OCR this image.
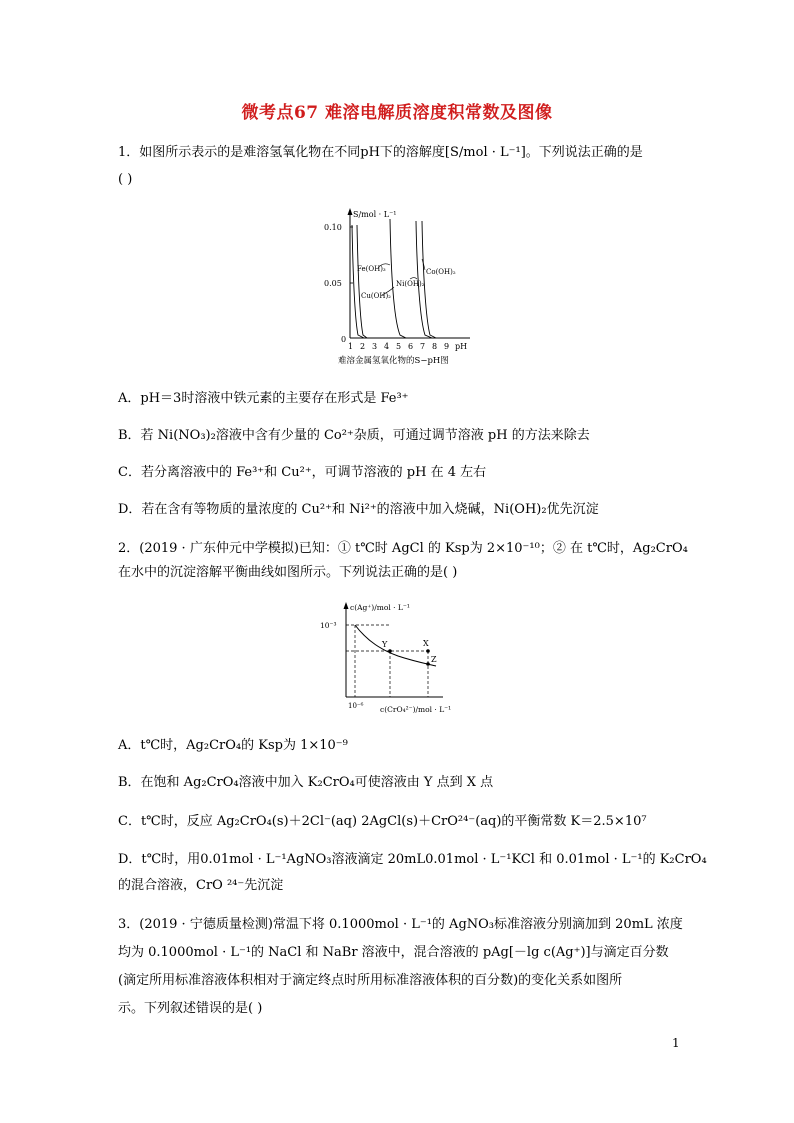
微考点67 难溶电解质溶度积常数及图像
1．如图所示表示的是难溶氢氧化物在不同pH下的溶解度[S/mol · L⁻¹]。下列说法正确的是
( )
S/mol · L⁻¹
0.10
0.05
0
1 2 3 4 5 6 7 8 9 pH
Fe(OH)₃
Cu(OH)₂
Ni(OH)₂
Co(OH)₂
难溶金属氢氧化物的S−pH图
A．pH＝3时溶液中铁元素的主要存在形式是 Fe³⁺
B．若 Ni(NO₃)₂溶液中含有少量的 Co²⁺杂质，可通过调节溶液 pH 的方法来除去
C．若分离溶液中的 Fe³⁺和 Cu²⁺，可调节溶液的 pH 在 4 左右
D．若在含有等物质的量浓度的 Cu²⁺和 Ni²⁺的溶液中加入烧碱，Ni(OH)₂优先沉淀
2．(2019 · 广东仲元中学模拟)已知：① t℃时 AgCl 的 Ksp为 2×10⁻¹⁰；② 在 t℃时，Ag₂CrO₄
在水中的沉淀溶解平衡曲线如图所示。下列说法正确的是( )
c(Ag⁺)/mol · L⁻¹
10⁻³
X
Y
Z
10⁻⁶ c(CrO₄²⁻)/mol · L⁻¹
A．t℃时，Ag₂CrO₄的 Ksp为 1×10⁻⁹
B．在饱和 Ag₂CrO₄溶液中加入 K₂CrO₄可使溶液由 Y 点到 X 点
C．t℃时，反应 Ag₂CrO₄(s)＋2Cl⁻(aq) 2AgCl(s)＋CrO²⁴⁻(aq)的平衡常数 K＝2.5×10⁷
D．t℃时，用0.01mol · L⁻¹AgNO₃溶液滴定 20mL0.01mol · L⁻¹KCl 和 0.01mol · L⁻¹的 K₂CrO₄
的混合溶液，CrO ²⁴⁻先沉淀
3．(2019 · 宁德质量检测)常温下将 0.1000mol · L⁻¹的 AgNO₃标准溶液分别滴加到 20mL 浓度
均为 0.1000mol · L⁻¹的 NaCl 和 NaBr 溶液中，混合溶液的 pAg[－lg c(Ag⁺)]与滴定百分数
(滴定所用标准溶液体积相对于滴定终点时所用标准溶液体积的百分数)的变化关系如图所
示。下列叙述错误的是( )
1
